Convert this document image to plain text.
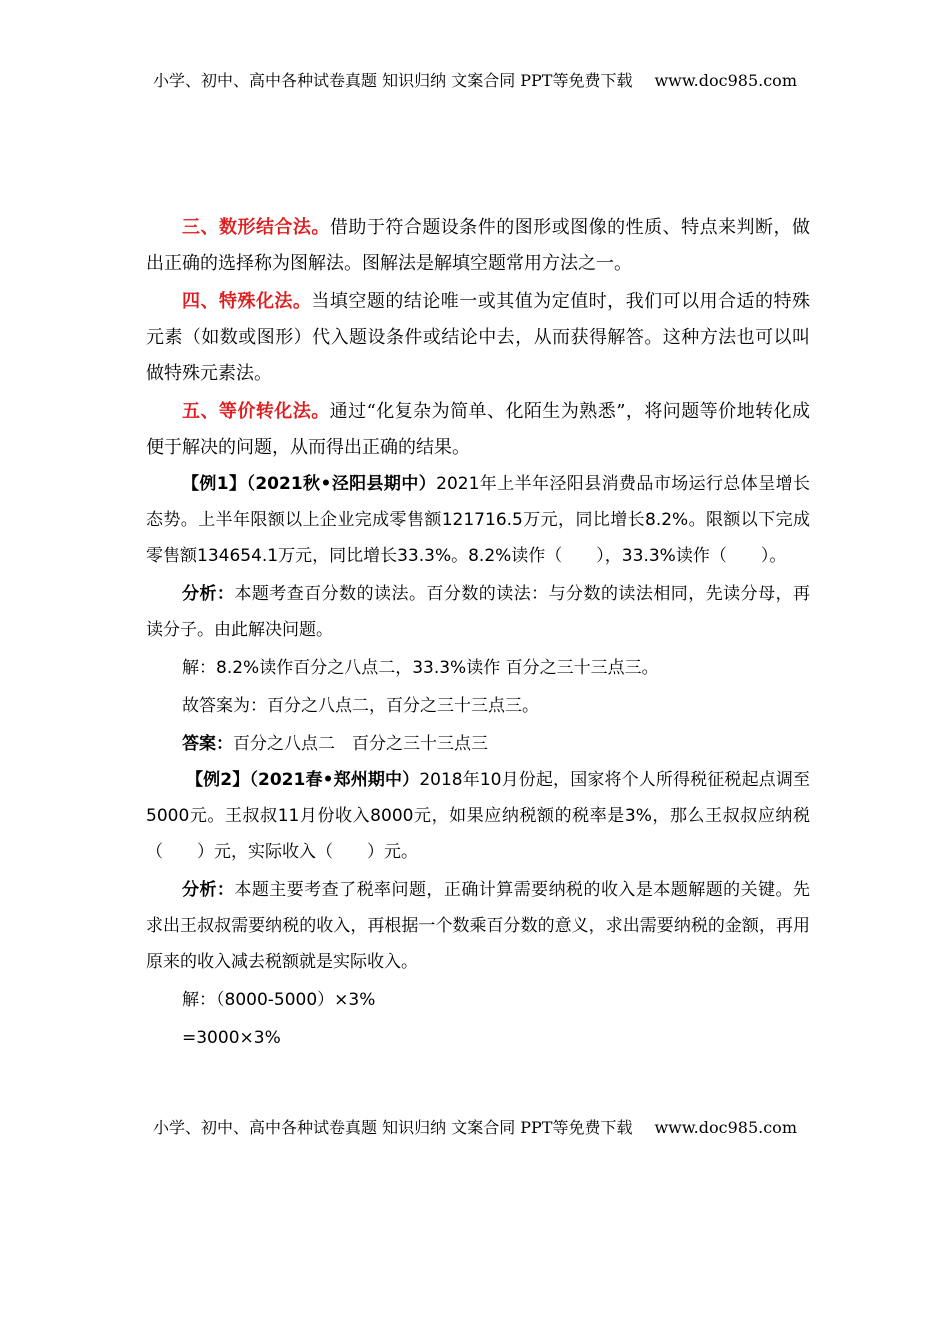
小学、初中、高中各种试卷真题 知识归纳 文案合同 PPT等免费下载 www.doc985.com

三、数形结合法。借助于符合题设条件的图形或图像的性质、特点来判断，做出正确的选择称为图解法。图解法是解填空题常用方法之一。

四、特殊化法。当填空题的结论唯一或其值为定值时，我们可以用合适的特殊元素（如数或图形）代入题设条件或结论中去，从而获得解答。这种方法也可以叫做特殊元素法。

五、等价转化法。通过“化复杂为简单、化陌生为熟悉”，将问题等价地转化成便于解决的问题，从而得出正确的结果。

【例1】（2021秋•泾阳县期中）2021年上半年泾阳县消费品市场运行总体呈增长态势。上半年限额以上企业完成零售额121716.5万元，同比增长8.2%。限额以下完成零售额134654.1万元，同比增长33.3%。8.2%读作（　　），33.3%读作（　　）。

分析：本题考查百分数的读法。百分数的读法：与分数的读法相同，先读分母，再读分子。由此解决问题。

解：8.2%读作百分之八点二，33.3%读作 百分之三十三点三。

故答案为：百分之八点二，百分之三十三点三。

答案：百分之八点二　百分之三十三点三

【例2】（2021春•郑州期中）2018年10月份起，国家将个人所得税征税起点调至5000元。王叔叔11月份收入8000元，如果应纳税额的税率是3%，那么王叔叔应纳税（　　）元，实际收入（　　）元。

分析：本题主要考查了税率问题，正确计算需要纳税的收入是本题解题的关键。先求出王叔叔需要纳税的收入，再根据一个数乘百分数的意义，求出需要纳税的金额，再用原来的收入减去税额就是实际收入。

解：（8000-5000）×3%

=3000×3%

小学、初中、高中各种试卷真题 知识归纳 文案合同 PPT等免费下载 www.doc985.com
